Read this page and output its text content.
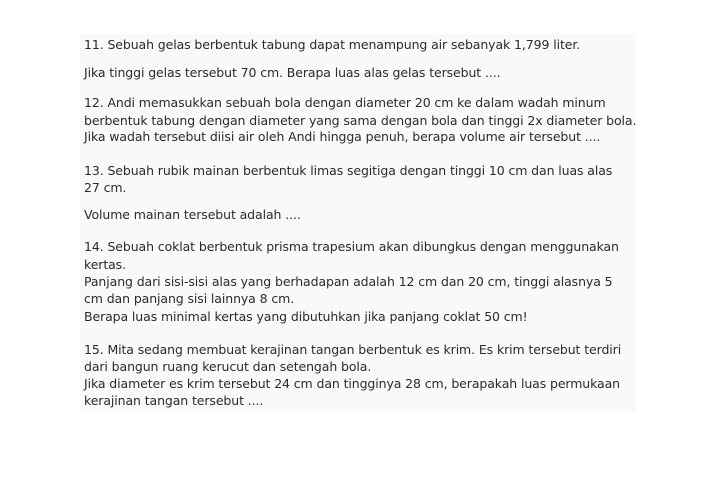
11. Sebuah gelas berbentuk tabung dapat menampung air sebanyak 1,799 liter.
Jika tinggi gelas tersebut 70 cm. Berapa luas alas gelas tersebut ....
12. Andi memasukkan sebuah bola dengan diameter 20 cm ke dalam wadah minum
berbentuk tabung dengan diameter yang sama dengan bola dan tinggi 2x diameter bola.
Jika wadah tersebut diisi air oleh Andi hingga penuh, berapa volume air tersebut ....
13. Sebuah rubik mainan berbentuk limas segitiga dengan tinggi 10 cm dan luas alas
27 cm.
Volume mainan tersebut adalah ....
14. Sebuah coklat berbentuk prisma trapesium akan dibungkus dengan menggunakan
kertas.
Panjang dari sisi-sisi alas yang berhadapan adalah 12 cm dan 20 cm, tinggi alasnya 5
cm dan panjang sisi lainnya 8 cm.
Berapa luas minimal kertas yang dibutuhkan jika panjang coklat 50 cm!
15. Mita sedang membuat kerajinan tangan berbentuk es krim. Es krim tersebut terdiri
dari bangun ruang kerucut dan setengah bola.
Jika diameter es krim tersebut 24 cm dan tingginya 28 cm, berapakah luas permukaan
kerajinan tangan tersebut ....
